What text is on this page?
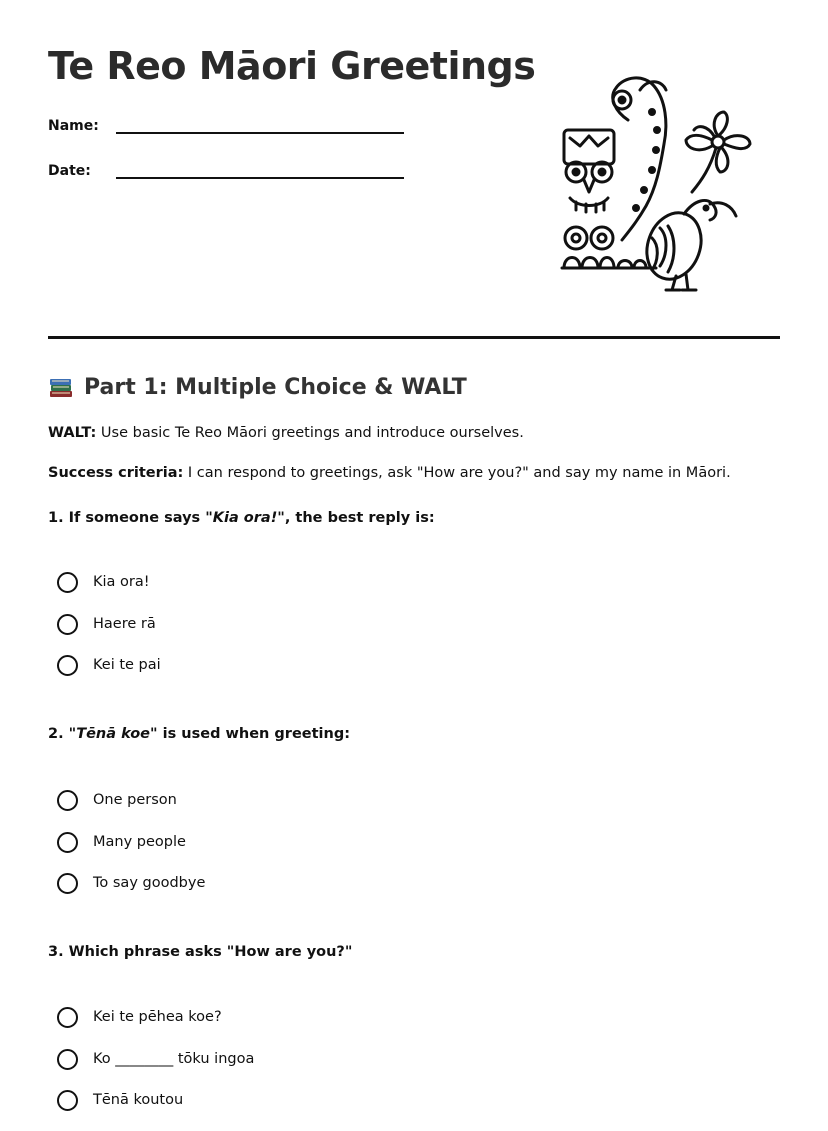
Te Reo Māori Greetings
Name:
Date:
Part 1: Multiple Choice & WALT
WALT: Use basic Te Reo Māori greetings and introduce ourselves.
Success criteria: I can respond to greetings, ask "How are you?" and say my name in Māori.
1. If someone says "Kia ora!", the best reply is:
Kia ora!
Haere rā
Kei te pai
2. "Tēnā koe" is used when greeting:
One person
Many people
To say goodbye
3. Which phrase asks "How are you?"
Kei te pēhea koe?
Ko ________ tōku ingoa
Tēnā koutou
